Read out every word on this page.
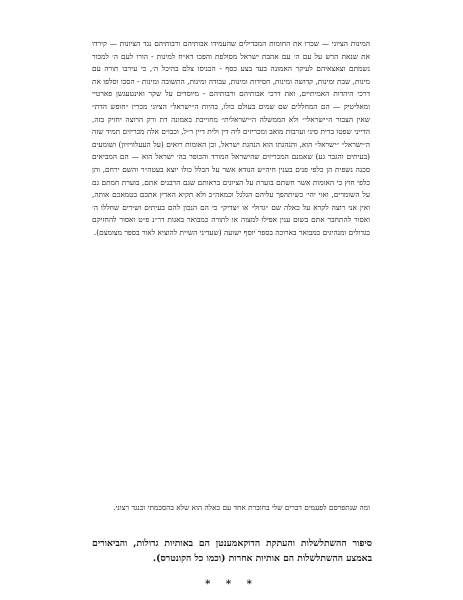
המינות הציוני — שכרו את החומות המבדילים שהעמידו אבותיהם ורבותיהם נגד הציונות — קירדו את שנאת הרש על עם ה׳ עם אהבת ישראל מסולפת והפכו דא״ח למינות - הורו לעם ה׳ למכור נשמתם וצאצאיהם לעיקר האמונה בעד בצע כסף - הכניסו צלם בהיכל ה׳, כי עירבו תורה עם מינות, שבת ומינות, קדושה ומינות, חסידות ומינות, עבודה ומינות, התשובה ומינות - הסכו וסלפו את דרכי היהדות האמיתיים, ואת דרכי אבותיהם ורבותיהם - מיוסדים על שקר ואינטעגשן פארטיי ומאליטיק — הם המחללים שם שמים בעולם כולו, בהיות ה״ישראל״ הציוני מכריז ״חופש הדת״ שאין הצבור ה״ישראלי״ ולא הממשלה ה״ישראלית״ מחוייבת באמונה דת ורק הרוצה יחזיק בזה, הדייני שפטו ברית סיני וערבות מואב ומכריזים ליה דין ולית דיין ר״ל, וכבוים אלה מכריזים תמיד שזה ה״ישראל״ ״ישראל״ הוא, והנהגתו הוא הנהגת ישראל, וכן האומות רואים (על העעלוויזיון) ושומעים (בעיתים והגבר גע) שאמנם המכריזים שהישראל המורד והכופר בה׳ ישראל הוא — הם המביאים סכנה נשפית הן כלפי פנים בענין חיה״ש הנודא אשר על הכלל כולו יוצא בעטה״ר והשם ירחם, והן כלפי חוץ כי האומות אשר חשתם בוערת על הציונים בראותם שגם הרבנים אתם, בוערת חמתם גם על השומרים, ואוי יהי׳ כשיתהפך עליהם הגלגל וכמאה״כ ולא תקיא הארץ אתכם בטמאכם אותה, ואין אני רוצה לקרא על כאלה שם ״גדול״ או ״צדיק״ כי הם הנכון להם בעיתים ושירים שחללו ה׳ ואסור להתחבר אתם בשום ענין אפילו למצוה או לתורה כמבואר באגות דר״נ פ״ט ואסור להחזיקם כגדולים ומנהיגים כמבואר בארוכה בספר יוסף ישועה (שעדיני השיית להוציא לאור בספר מצומצם).

ומה שנתפרסם לפעמים דברים שלי בחוברת אחד עם כאלה הוא שלא בהסכמתי וכנגד רצוני.

סיפור ההשתלשלות והעתקת הדוקאמענטן הם באותיות גדולות, והביאורים באמצע ההשתלשלות הם אותיות אחרות (וכמו כל הקונטרס).

* * *
